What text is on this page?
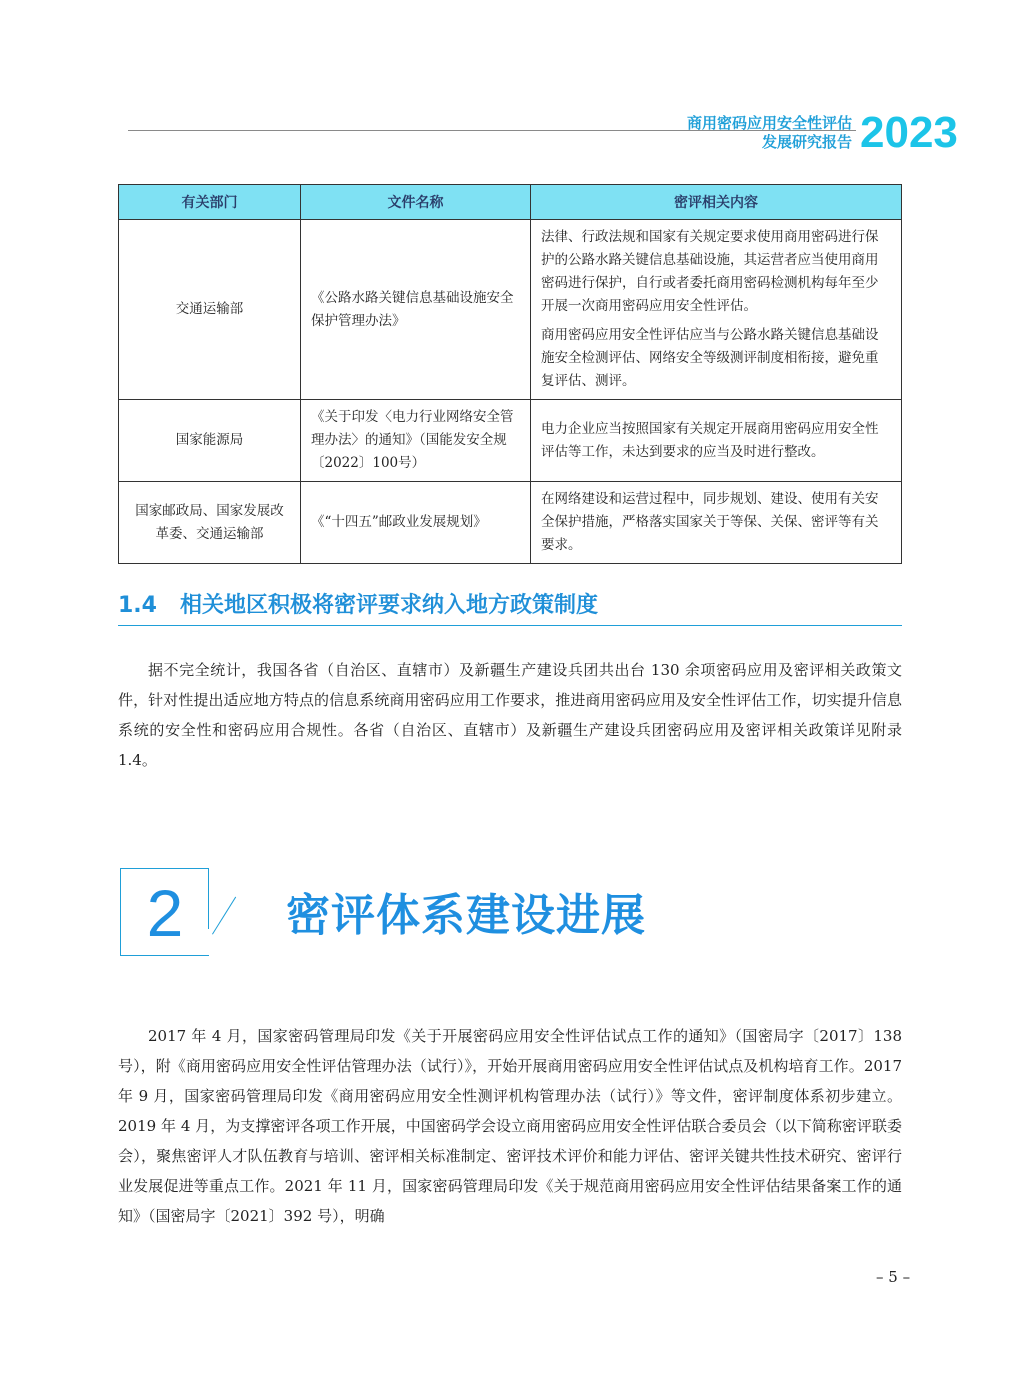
商用密码应用安全性评估
发展研究报告 2023
有关部门	文件名称	密评相关内容
交通运输部	《公路水路关键信息基础设施安全保护管理办法》	法律、行政法规和国家有关规定要求使用商用密码进行保护的公路水路关键信息基础设施，其运营者应当使用商用密码进行保护，自行或者委托商用密码检测机构每年至少开展一次商用密码应用安全性评估。

商用密码应用安全性评估应当与公路水路关键信息基础设施安全检测评估、网络安全等级测评制度相衔接，避免重复评估、测评。

国家能源局	《关于印发〈电力行业网络安全管理办法〉的通知》（国能发安全规〔2022〕100号）	电力企业应当按照国家有关规定开展商用密码应用安全性评估等工作，未达到要求的应当及时进行整改。

国家邮政局、国家发展改革委、交通运输部	《“十四五”邮政业发展规划》	在网络建设和运营过程中，同步规划、建设、使用有关安全保护措施，严格落实国家关于等保、关保、密评等有关要求。

1.4 相关地区积极将密评要求纳入地方政策制度

据不完全统计，我国各省（自治区、直辖市）及新疆生产建设兵团共出台 130 余项密码应用及密评相关政策文件，针对性提出适应地方特点的信息系统商用密码应用工作要求，推进商用密码应用及安全性评估工作，切实提升信息系统的安全性和密码应用合规性。各省（自治区、直辖市）及新疆生产建设兵团密码应用及密评相关政策详见附录 1.4。

2	密评体系建设进展

2017 年 4 月，国家密码管理局印发《关于开展密码应用安全性评估试点工作的通知》（国密局字〔2017〕138 号），附《商用密码应用安全性评估管理办法（试行）》，开始开展商用密码应用安全性评估试点及机构培育工作。2017 年 9 月，国家密码管理局印发《商用密码应用安全性测评机构管理办法（试行）》等文件，密评制度体系初步建立。2019 年 4 月，为支撑密评各项工作开展，中国密码学会设立商用密码应用安全性评估联合委员会（以下简称密评联委会），聚焦密评人才队伍教育与培训、密评相关标准制定、密评技术评价和能力评估、密评关键共性技术研究、密评行业发展促进等重点工作。2021 年 11 月，国家密码管理局印发《关于规范商用密码应用安全性评估结果备案工作的通知》（国密局字〔2021〕392 号），明确

– 5 –
